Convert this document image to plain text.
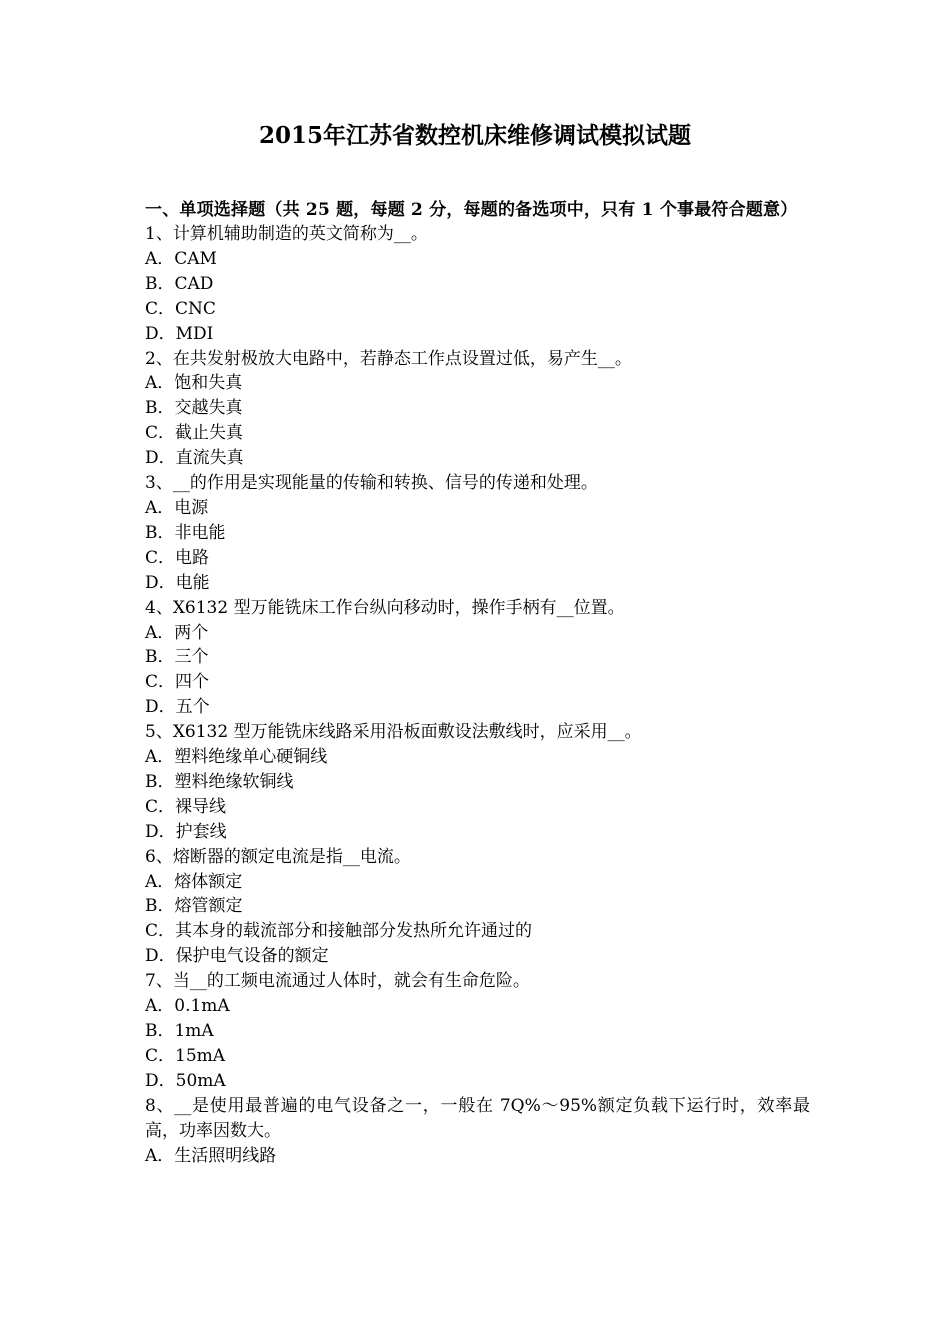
2015年江苏省数控机床维修调试模拟试题
一、单项选择题（共 25 题，每题 2 分，每题的备选项中，只有 1 个事最符合题意）
1、计算机辅助制造的英文简称为__。
A．CAM
B．CAD
C．CNC
D．MDI
2、在共发射极放大电路中，若静态工作点设置过低，易产生__。
A．饱和失真
B．交越失真
C．截止失真
D．直流失真
3、__的作用是实现能量的传输和转换、信号的传递和处理。
A．电源
B．非电能
C．电路
D．电能
4、X6132 型万能铣床工作台纵向移动时，操作手柄有__位置。
A．两个
B．三个
C．四个
D．五个
5、X6132 型万能铣床线路采用沿板面敷设法敷线时，应采用__。
A．塑料绝缘单心硬铜线
B．塑料绝缘软铜线
C．裸导线
D．护套线
6、熔断器的额定电流是指__电流。
A．熔体额定
B．熔管额定
C．其本身的载流部分和接触部分发热所允许通过的
D．保护电气设备的额定
7、当__的工频电流通过人体时，就会有生命危险。
A．0.1mA
B．1mA
C．15mA
D．50mA
8、__是使用最普遍的电气设备之一，一般在 7Q%～95%额定负载下运行时，效率最高，功率因数大。
A．生活照明线路
